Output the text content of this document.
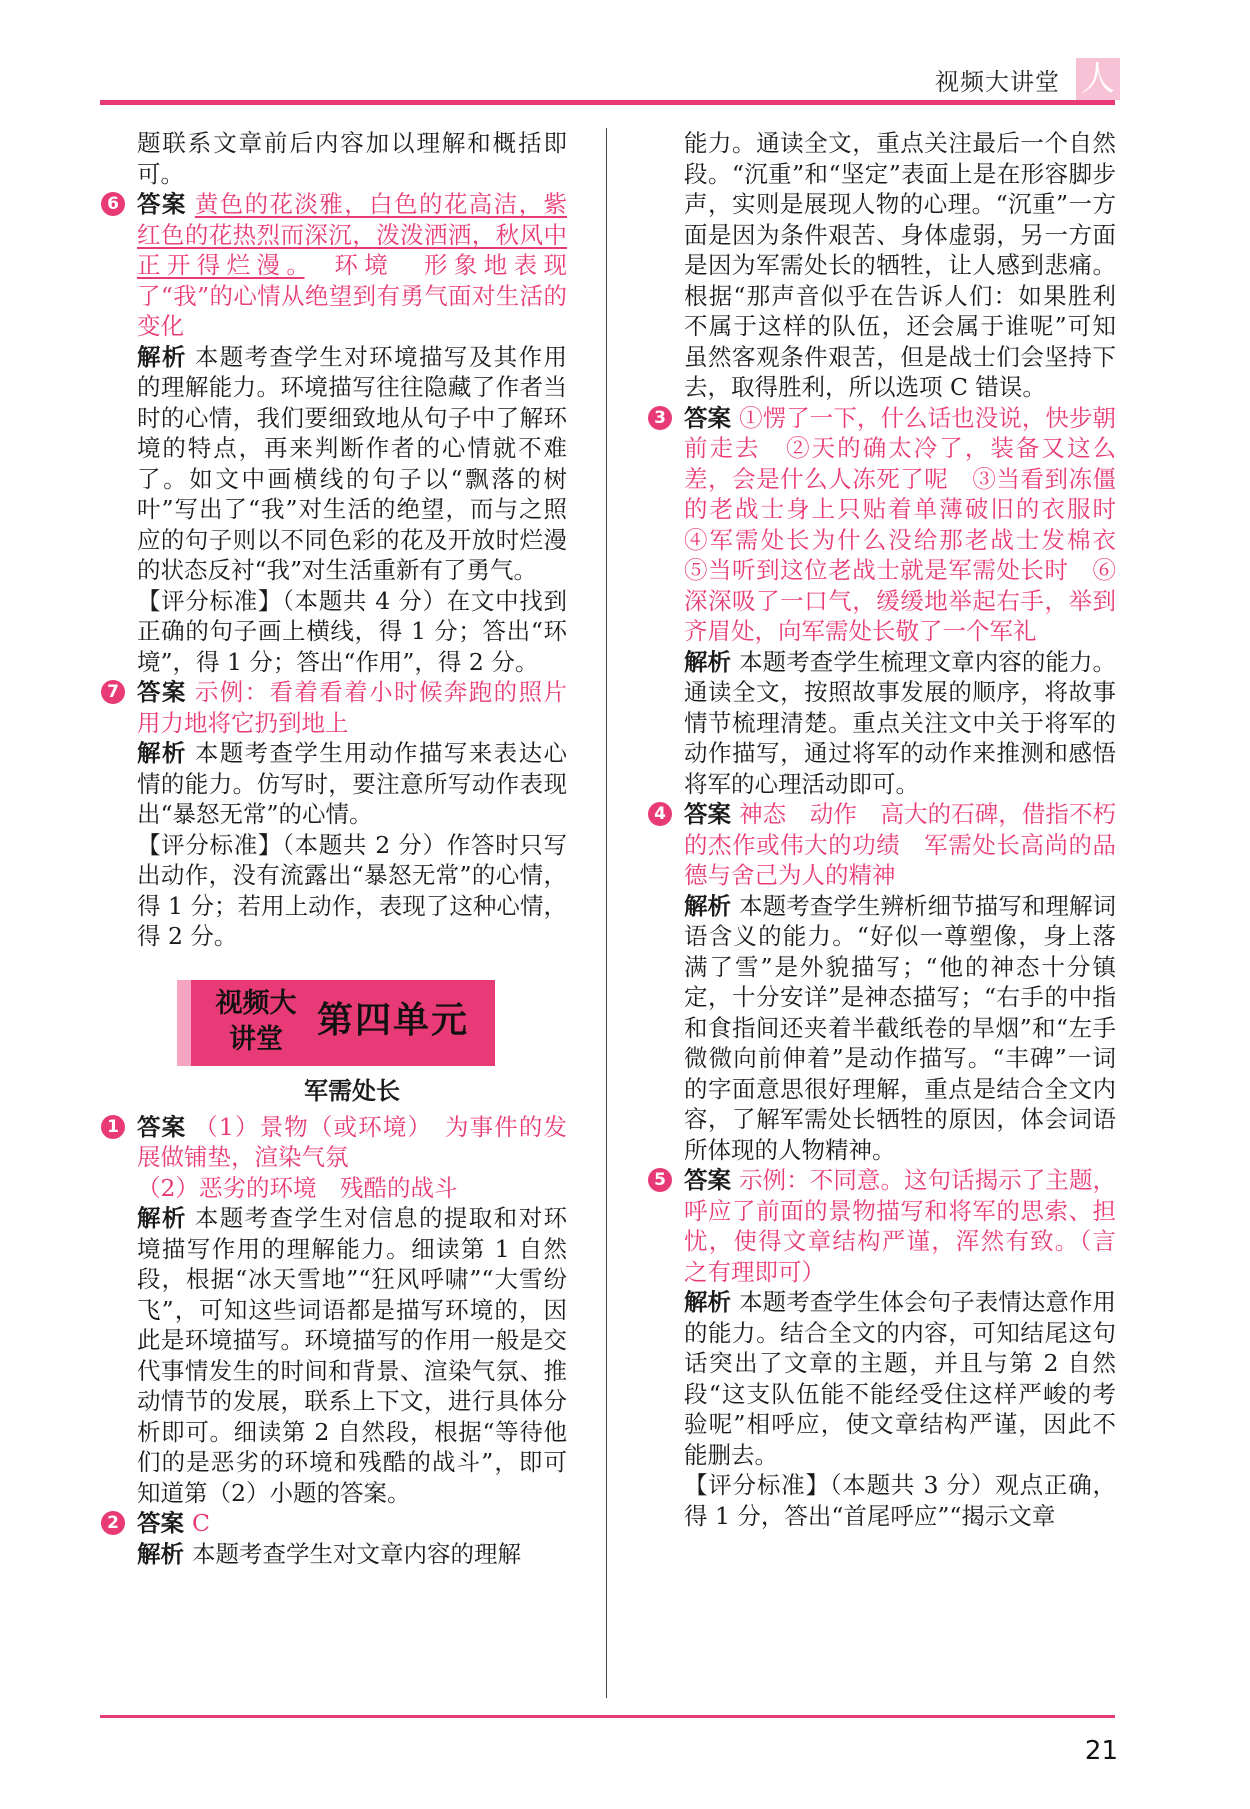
视频大讲堂 人

题联系文章前后内容加以理解和概括即可。

6 答案 黄色的花淡雅，白色的花高洁，紫红色的花热烈而深沉，泼泼洒洒，秋风中正开得烂漫。　 环境　形象地表现了“我”的心情从绝望到有勇气面对生活的变化

解析 本题考查学生对环境描写及其作用的理解能力。环境描写往往隐藏了作者当时的心情，我们要细致地从句子中了解环境的特点，再来判断作者的心情就不难了。如文中画横线的句子以“飘落的树叶”写出了“我”对生活的绝望，而与之照应的句子则以不同色彩的花及开放时烂漫的状态反衬“我”对生活重新有了勇气。

【评分标准】（本题共 4 分）在文中找到正确的句子画上横线，得 1 分；答出“环境”，得 1 分；答出“作用”，得 2 分。

7 答案 示例：看着看着小时候奔跑的照片　用力地将它扔到地上

解析 本题考查学生用动作描写来表达心情的能力。仿写时，要注意所写动作表现出“暴怒无常”的心情。

【评分标准】（本题共 2 分）作答时只写出动作，没有流露出“暴怒无常”的心情，得 1 分；若用上动作，表现了这种心情，得 2 分。

视频大讲堂 第四单元
军需处长
1 答案 （1）景物（或环境）　为事件的发展做铺垫，渲染气氛

（2）恶劣的环境　残酷的战斗

解析 本题考查学生对信息的提取和对环境描写作用的理解能力。细读第 1 自然段，根据“冰天雪地”“狂风呼啸”“大雪纷飞”，可知这些词语都是描写环境的，因此是环境描写。环境描写的作用一般是交代事情发生的时间和背景、渲染气氛、推动情节的发展，联系上下文，进行具体分析即可。细读第 2 自然段，根据“等待他们的是恶劣的环境和残酷的战斗”，即可知道第（2）小题的答案。

2 答案 C

解析 本题考查学生对文章内容的理解

能力。通读全文，重点关注最后一个自然段。“沉重”和“坚定”表面上是在形容脚步声，实则是展现人物的心理。“沉重”一方面是因为条件艰苦、身体虚弱，另一方面是因为军需处长的牺牲，让人感到悲痛。根据“那声音似乎在告诉人们：如果胜利不属于这样的队伍，还会属于谁呢”可知虽然客观条件艰苦，但是战士们会坚持下去，取得胜利，所以选项 C 错误。

3 答案 ①愣了一下，什么话也没说，快步朝前走去　②天的确太冷了，装备又这么差，会是什么人冻死了呢　③当看到冻僵的老战士身上只贴着单薄破旧的衣服时　④军需处长为什么没给那老战士发棉衣　⑤当听到这位老战士就是军需处长时　⑥深深吸了一口气，缓缓地举起右手，举到齐眉处，向军需处长敬了一个军礼

解析 本题考查学生梳理文章内容的能力。通读全文，按照故事发展的顺序，将故事情节梳理清楚。重点关注文中关于将军的动作描写，通过将军的动作来推测和感悟将军的心理活动即可。

4 答案 神态　动作　高大的石碑，借指不朽的杰作或伟大的功绩　军需处长高尚的品德与舍己为人的精神

解析 本题考查学生辨析细节描写和理解词语含义的能力。“好似一尊塑像，身上落满了雪”是外貌描写；“他的神态十分镇定，十分安详”是神态描写；“右手的中指和食指间还夹着半截纸卷的旱烟”和“左手微微向前伸着”是动作描写。“丰碑”一词的字面意思很好理解，重点是结合全文内容，了解军需处长牺牲的原因，体会词语所体现的人物精神。

5 答案 示例：不同意。这句话揭示了主题，呼应了前面的景物描写和将军的思索、担忧，使得文章结构严谨，浑然有致。（言之有理即可）

解析 本题考查学生体会句子表情达意作用的能力。结合全文的内容，可知结尾这句话突出了文章的主题，并且与第 2 自然段“这支队伍能不能经受住这样严峻的考验呢”相呼应，使文章结构严谨，因此不能删去。

【评分标准】（本题共 3 分）观点正确，得 1 分，答出“首尾呼应”“揭示文章

21
